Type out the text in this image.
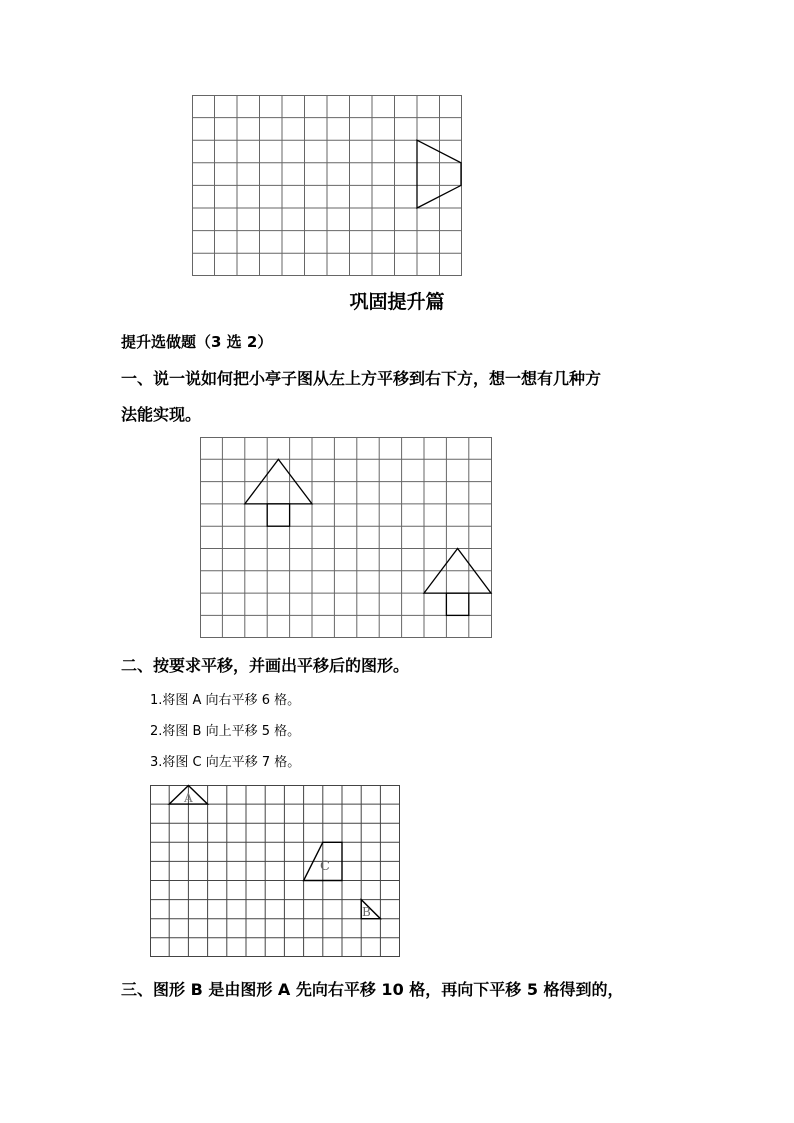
巩固提升篇
提升选做题（3 选 2）
一、说一说如何把小亭子图从左上方平移到右下方，想一想有几种方
法能实现。
二、按要求平移，并画出平移后的图形。
1.将图 A 向右平移 6 格。
2.将图 B 向上平移 5 格。
3.将图 C 向左平移 7 格。
A
C
B
三、图形 B 是由图形 A 先向右平移 10 格，再向下平移 5 格得到的，
